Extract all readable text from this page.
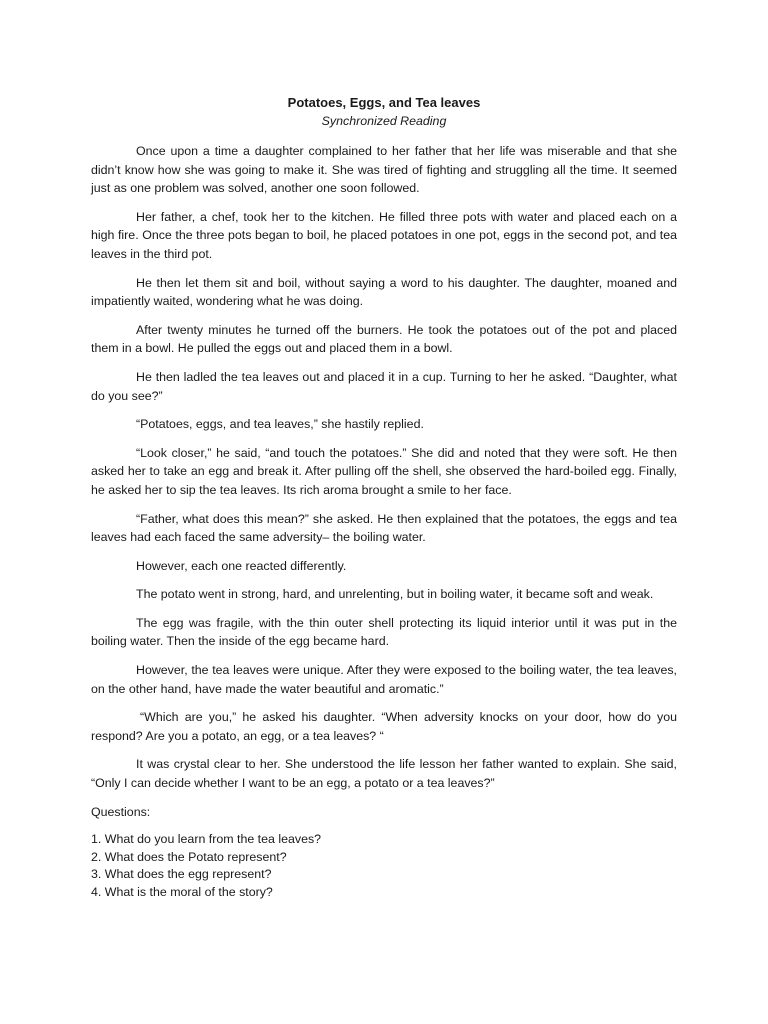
Potatoes, Eggs, and Tea leaves
Synchronized Reading

Once upon a time a daughter complained to her father that her life was miserable and that she didn’t know how she was going to make it. She was tired of fighting and struggling all the time. It seemed just as one problem was solved, another one soon followed.

Her father, a chef, took her to the kitchen. He filled three pots with water and placed each on a high fire. Once the three pots began to boil, he placed potatoes in one pot, eggs in the second pot, and tea leaves in the third pot.

He then let them sit and boil, without saying a word to his daughter. The daughter, moaned and impatiently waited, wondering what he was doing.

After twenty minutes he turned off the burners. He took the potatoes out of the pot and placed them in a bowl. He pulled the eggs out and placed them in a bowl.

He then ladled the tea leaves out and placed it in a cup. Turning to her he asked. “Daughter, what do you see?”

“Potatoes, eggs, and tea leaves,” she hastily replied.

“Look closer,” he said, “and touch the potatoes.” She did and noted that they were soft. He then asked her to take an egg and break it. After pulling off the shell, she observed the hard-boiled egg. Finally, he asked her to sip the tea leaves. Its rich aroma brought a smile to her face.

“Father, what does this mean?” she asked. He then explained that the potatoes, the eggs and tea leaves had each faced the same adversity– the boiling water.

However, each one reacted differently.

The potato went in strong, hard, and unrelenting, but in boiling water, it became soft and weak.

The egg was fragile, with the thin outer shell protecting its liquid interior until it was put in the boiling water. Then the inside of the egg became hard.

However, the tea leaves were unique. After they were exposed to the boiling water, the tea leaves, on the other hand, have made the water beautiful and aromatic.”

“Which are you,” he asked his daughter. “When adversity knocks on your door, how do you respond? Are you a potato, an egg, or a tea leaves? “

It was crystal clear to her. She understood the life lesson her father wanted to explain. She said, “Only I can decide whether I want to be an egg, a potato or a tea leaves?”

Questions:

1. What do you learn from the tea leaves?
2. What does the Potato represent?
3. What does the egg represent?
4. What is the moral of the story?
